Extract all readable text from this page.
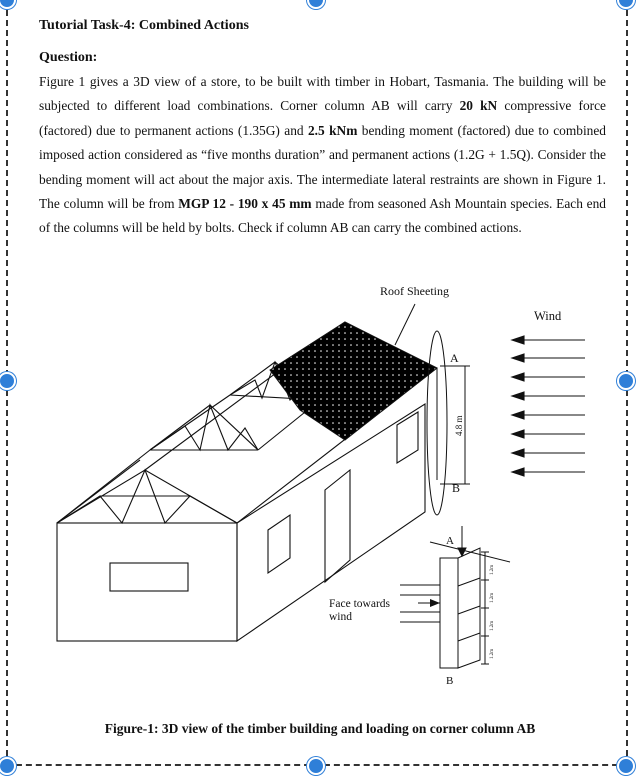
Tutorial Task-4: Combined Actions

Question:

Figure 1 gives a 3D view of a store, to be built with timber in Hobart, Tasmania. The building will be subjected to different load combinations. Corner column AB will carry 20 kN compressive force (factored) due to permanent actions (1.35G) and 2.5 kNm bending moment (factored) due to combined imposed action considered as “five months duration” and permanent actions (1.2G + 1.5Q). Consider the bending moment will act about the major axis. The intermediate lateral restraints are shown in Figure 1. The column will be from MGP 12 - 190 x 45 mm made from seasoned Ash Mountain species. Each end of the columns will be held by bolts. Check if column AB can carry the combined actions.

Roof Sheeting
A
B
4.8 m
Wind
A
B
Face towards
wind
1.2m
1.2m
1.2m
1.2m
Figure-1: 3D view of the timber building and loading on corner column AB
